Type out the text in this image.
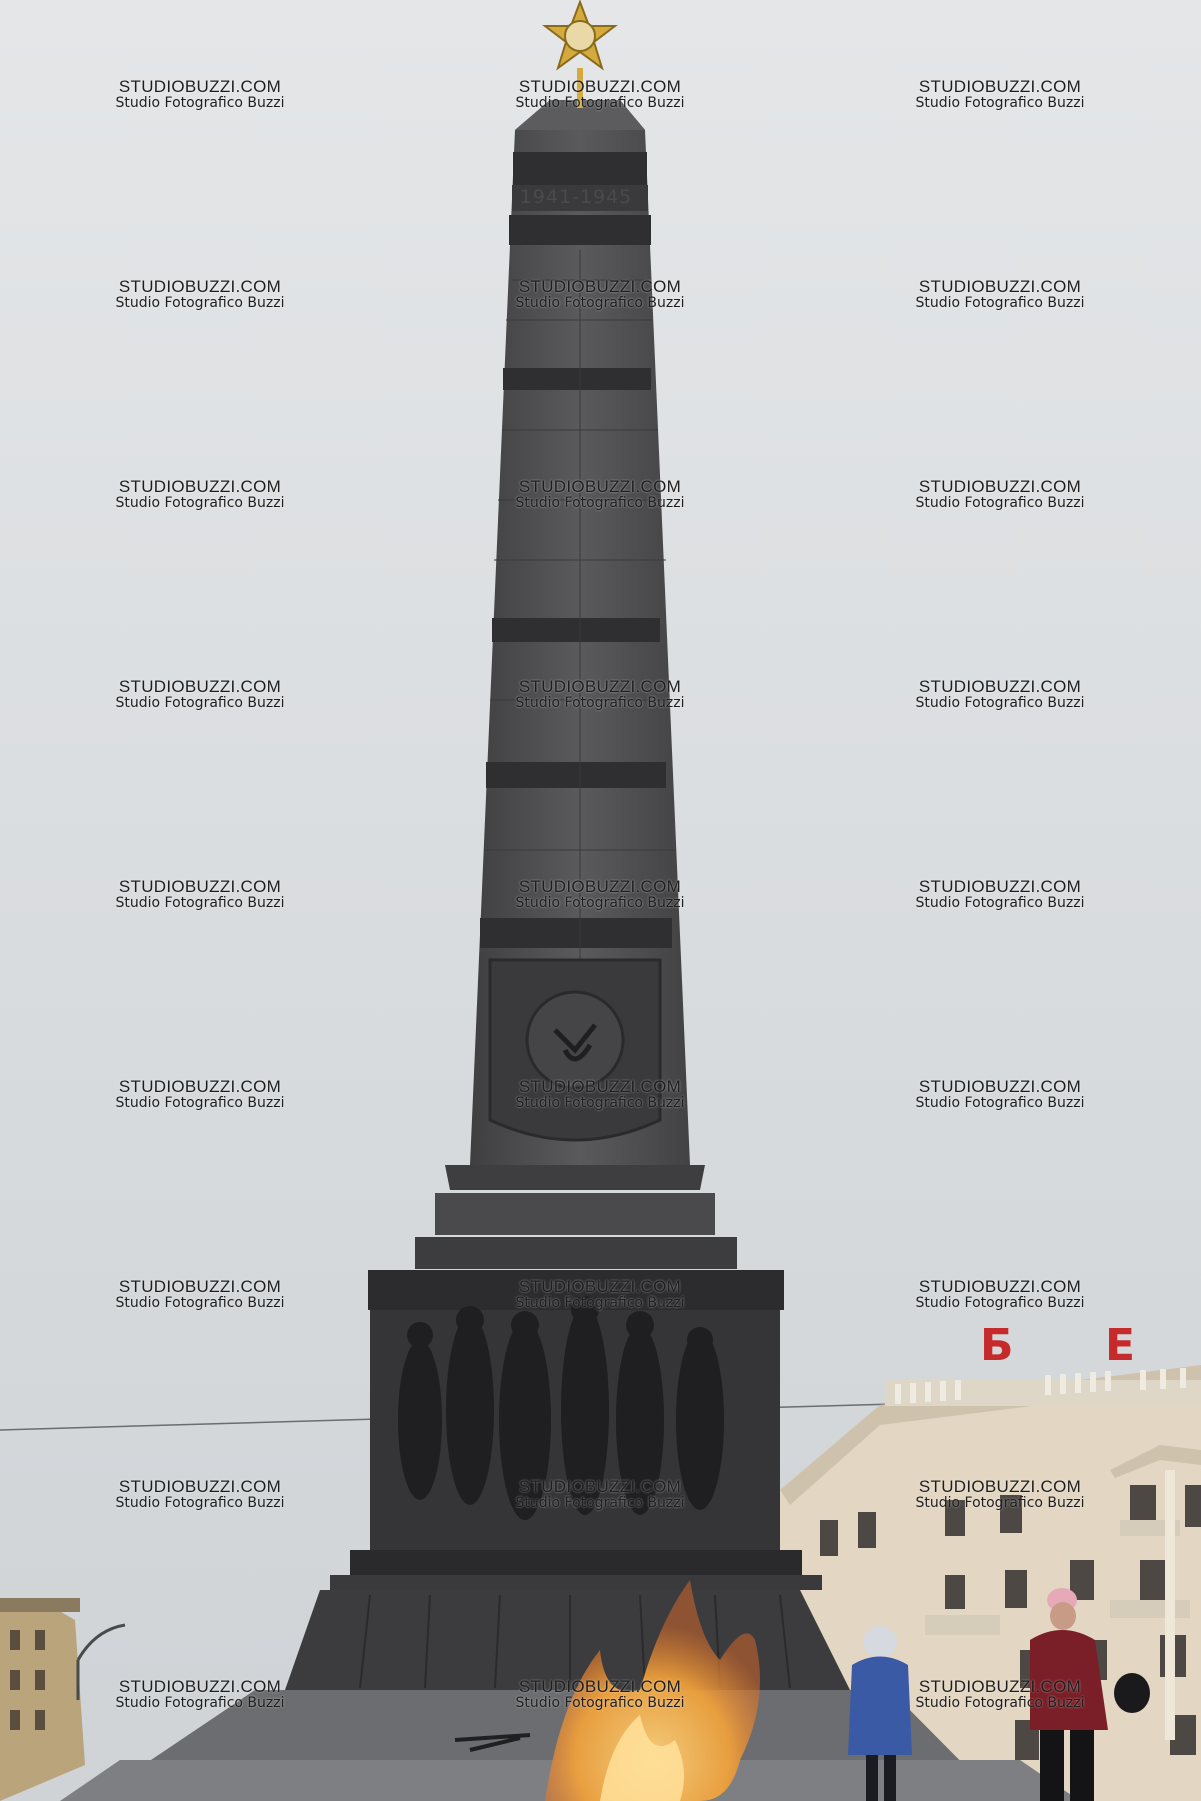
Б Е
1941-1945
STUDIOBUZZI.COM
Studio Fotografico Buzzi
STUDIOBUZZI.COM
Studio Fotografico Buzzi
STUDIOBUZZI.COM
Studio Fotografico Buzzi
STUDIOBUZZI.COM
Studio Fotografico Buzzi
STUDIOBUZZI.COM
Studio Fotografico Buzzi
STUDIOBUZZI.COM
Studio Fotografico Buzzi
STUDIOBUZZI.COM
Studio Fotografico Buzzi
STUDIOBUZZI.COM
Studio Fotografico Buzzi
STUDIOBUZZI.COM
Studio Fotografico Buzzi
STUDIOBUZZI.COM
Studio Fotografico Buzzi
STUDIOBUZZI.COM
Studio Fotografico Buzzi
STUDIOBUZZI.COM
Studio Fotografico Buzzi
STUDIOBUZZI.COM
Studio Fotografico Buzzi
STUDIOBUZZI.COM
Studio Fotografico Buzzi
STUDIOBUZZI.COM
Studio Fotografico Buzzi
STUDIOBUZZI.COM
Studio Fotografico Buzzi
STUDIOBUZZI.COM
Studio Fotografico Buzzi
STUDIOBUZZI.COM
Studio Fotografico Buzzi
STUDIOBUZZI.COM
Studio Fotografico Buzzi
STUDIOBUZZI.COM
Studio Fotografico Buzzi
STUDIOBUZZI.COM
Studio Fotografico Buzzi
STUDIOBUZZI.COM
Studio Fotografico Buzzi
STUDIOBUZZI.COM
Studio Fotografico Buzzi
STUDIOBUZZI.COM
Studio Fotografico Buzzi
STUDIOBUZZI.COM
Studio Fotografico Buzzi
STUDIOBUZZI.COM
Studio Fotografico Buzzi
STUDIOBUZZI.COM
Studio Fotografico Buzzi
